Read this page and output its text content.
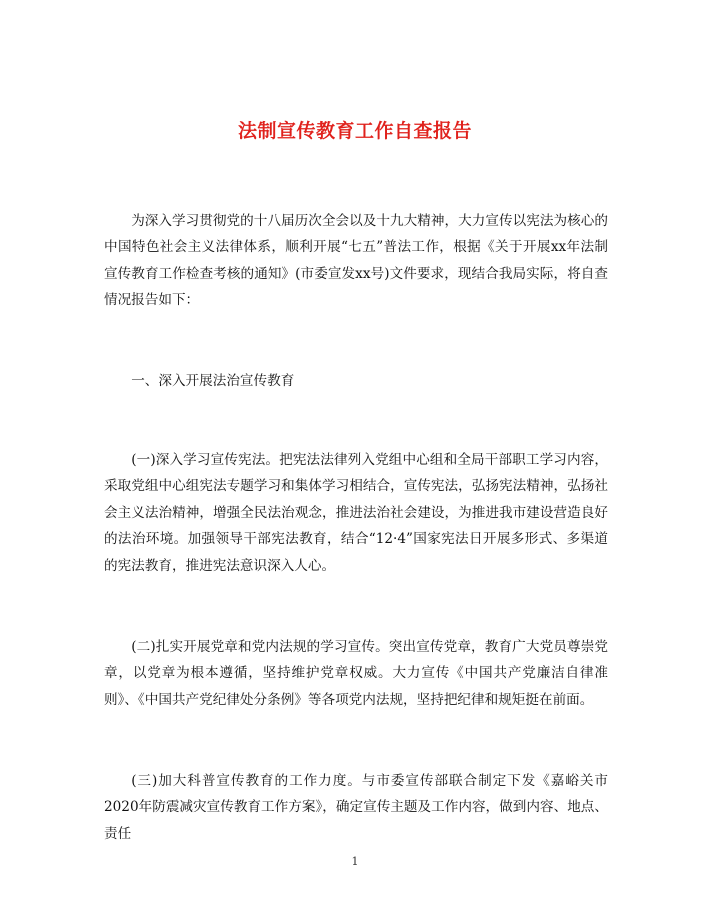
法制宣传教育工作自查报告

为深入学习贯彻党的十八届历次全会以及十九大精神，大力宣传以宪法为核心的中国特色社会主义法律体系，顺利开展“七五”普法工作，根据《关于开展xx年法制宣传教育工作检查考核的通知》(市委宣发xx号)文件要求，现结合我局实际，将自查情况报告如下：

一、深入开展法治宣传教育

(一)深入学习宣传宪法。把宪法法律列入党组中心组和全局干部职工学习内容，采取党组中心组宪法专题学习和集体学习相结合，宣传宪法，弘扬宪法精神，弘扬社会主义法治精神，增强全民法治观念，推进法治社会建设，为推进我市建设营造良好的法治环境。加强领导干部宪法教育，结合“12·4”国家宪法日开展多形式、多渠道的宪法教育，推进宪法意识深入人心。

(二)扎实开展党章和党内法规的学习宣传。突出宣传党章，教育广大党员尊崇党章，以党章为根本遵循，坚持维护党章权威。大力宣传《中国共产党廉洁自律准则》、《中国共产党纪律处分条例》等各项党内法规，坚持把纪律和规矩挺在前面。

(三)加大科普宣传教育的工作力度。与市委宣传部联合制定下发《嘉峪关市2020年防震减灾宣传教育工作方案》，确定宣传主题及工作内容，做到内容、地点、责任

1
